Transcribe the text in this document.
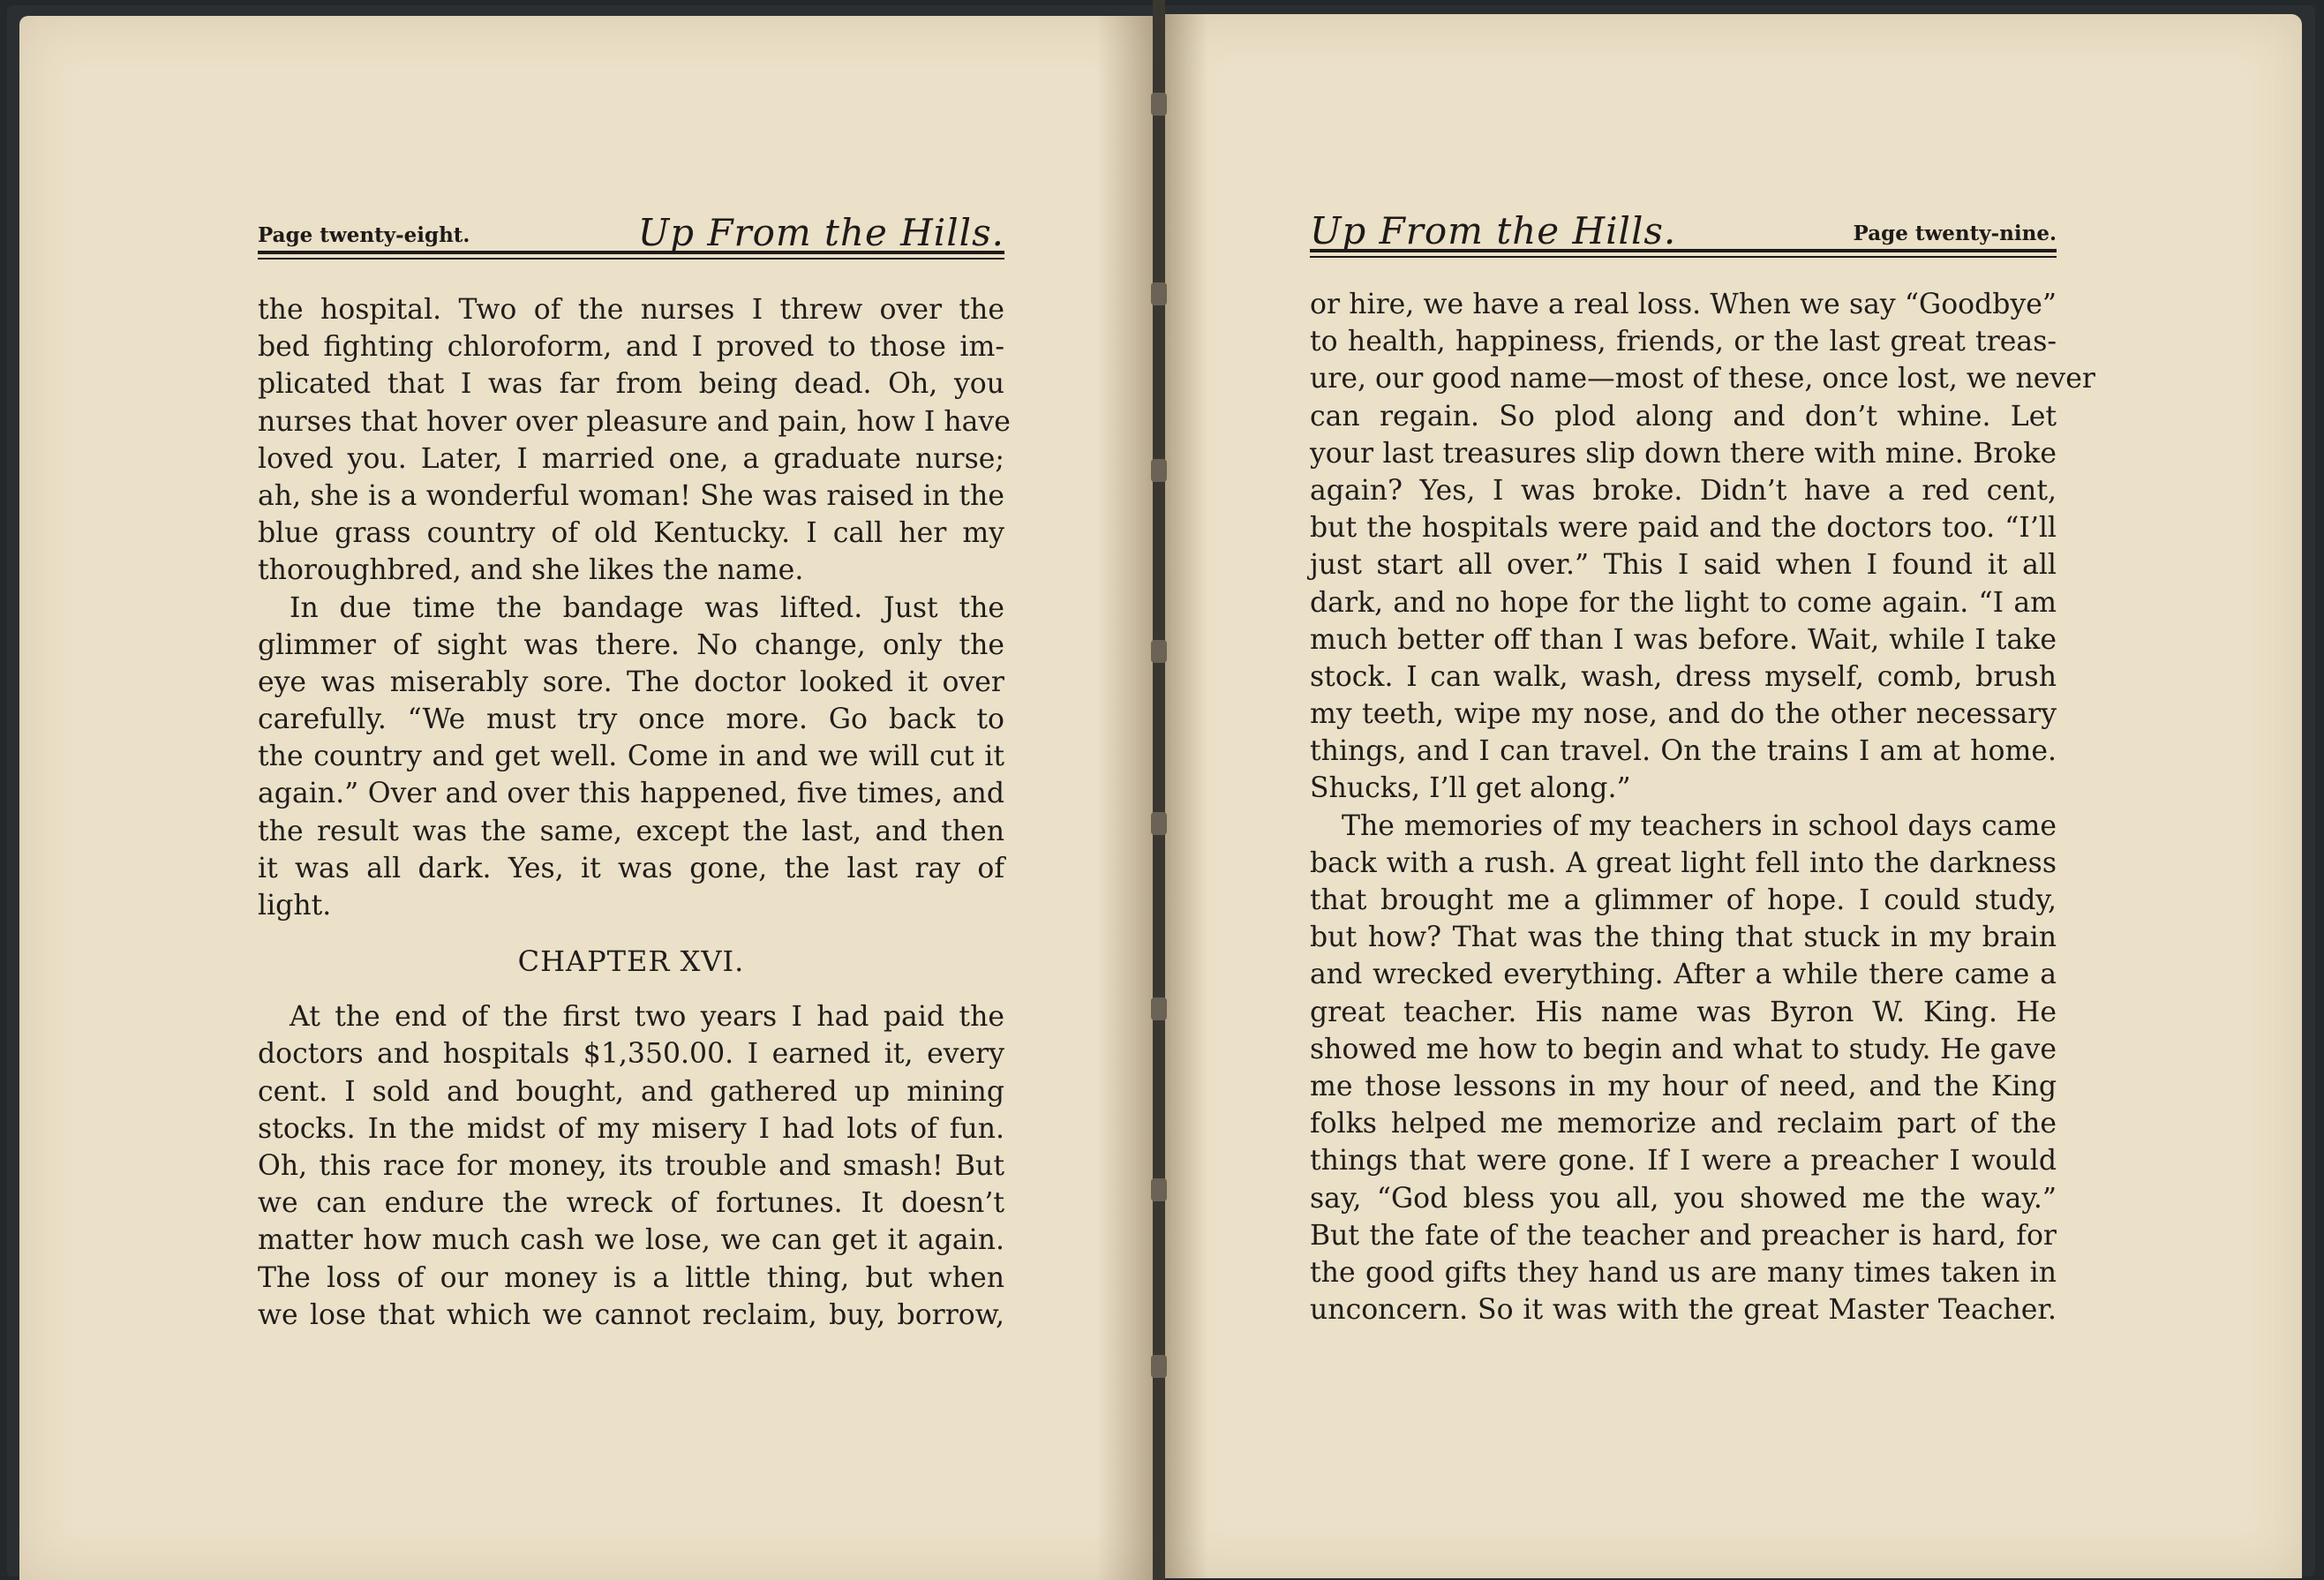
Page twenty-eight.	Up From the Hills.
the hospital. Two of the nurses I threw over the
bed fighting chloroform, and I proved to those im-
plicated that I was far from being dead. Oh, you
nurses that hover over pleasure and pain, how I have
loved you. Later, I married one, a graduate nurse;
ah, she is a wonderful woman! She was raised in the
blue grass country of old Kentucky. I call her my
thoroughbred, and she likes the name.
In due time the bandage was lifted. Just the
glimmer of sight was there. No change, only the
eye was miserably sore. The doctor looked it over
carefully. “We must try once more. Go back to
the country and get well. Come in and we will cut it
again.” Over and over this happened, five times, and
the result was the same, except the last, and then
it was all dark. Yes, it was gone, the last ray of
light.
CHAPTER XVI.
At the end of the first two years I had paid the
doctors and hospitals $1,350.00. I earned it, every
cent. I sold and bought, and gathered up mining
stocks. In the midst of my misery I had lots of fun.
Oh, this race for money, its trouble and smash! But
we can endure the wreck of fortunes. It doesn’t
matter how much cash we lose, we can get it again.
The loss of our money is a little thing, but when
we lose that which we cannot reclaim, buy, borrow,
Up From the Hills.	Page twenty-nine.
or hire, we have a real loss. When we say “Goodbye”
to health, happiness, friends, or the last great treas-
ure, our good name—most of these, once lost, we never
can regain. So plod along and don’t whine. Let
your last treasures slip down there with mine. Broke
again? Yes, I was broke. Didn’t have a red cent,
but the hospitals were paid and the doctors too. “I’ll
just start all over.” This I said when I found it all
dark, and no hope for the light to come again. “I am
much better off than I was before. Wait, while I take
stock. I can walk, wash, dress myself, comb, brush
my teeth, wipe my nose, and do the other necessary
things, and I can travel. On the trains I am at home.
Shucks, I’ll get along.”
The memories of my teachers in school days came
back with a rush. A great light fell into the darkness
that brought me a glimmer of hope. I could study,
but how? That was the thing that stuck in my brain
and wrecked everything. After a while there came a
great teacher. His name was Byron W. King. He
showed me how to begin and what to study. He gave
me those lessons in my hour of need, and the King
folks helped me memorize and reclaim part of the
things that were gone. If I were a preacher I would
say, “God bless you all, you showed me the way.”
But the fate of the teacher and preacher is hard, for
the good gifts they hand us are many times taken in
unconcern. So it was with the great Master Teacher.
